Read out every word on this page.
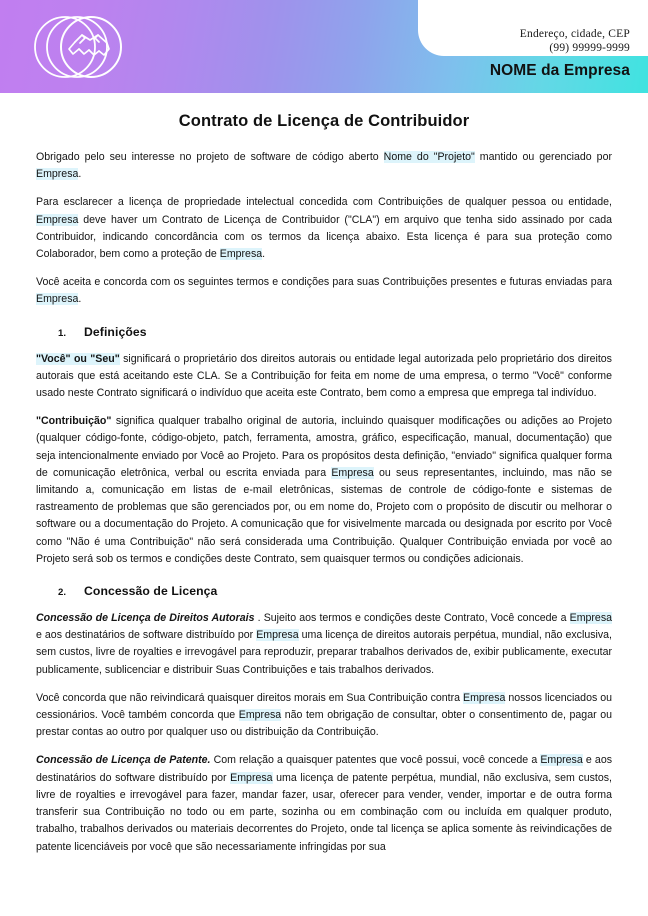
Endereço, cidade, CEP
(99) 99999-9999
NOME da Empresa
Contrato de Licença de Contribuidor

Obrigado pelo seu interesse no projeto de software de código aberto Nome do "Projeto" mantido ou gerenciado por Empresa.

Para esclarecer a licença de propriedade intelectual concedida com Contribuições de qualquer pessoa ou entidade, Empresa deve haver um Contrato de Licença de Contribuidor ("CLA") em arquivo que tenha sido assinado por cada Contribuidor, indicando concordância com os termos da licença abaixo. Esta licença é para sua proteção como Colaborador, bem como a proteção de Empresa.

Você aceita e concorda com os seguintes termos e condições para suas Contribuições presentes e futuras enviadas para Empresa.

1.	Definições

"Você" ou "Seu" significará o proprietário dos direitos autorais ou entidade legal autorizada pelo proprietário dos direitos autorais que está aceitando este CLA. Se a Contribuição for feita em nome de uma empresa, o termo "Você" conforme usado neste Contrato significará o indivíduo que aceita este Contrato, bem como a empresa que emprega tal indivíduo.

"Contribuição" significa qualquer trabalho original de autoria, incluindo quaisquer modificações ou adições ao Projeto (qualquer código-fonte, código-objeto, patch, ferramenta, amostra, gráfico, especificação, manual, documentação) que seja intencionalmente enviado por Você ao Projeto. Para os propósitos desta definição, "enviado" significa qualquer forma de comunicação eletrônica, verbal ou escrita enviada para Empresa ou seus representantes, incluindo, mas não se limitando a, comunicação em listas de e-mail eletrônicas, sistemas de controle de código-fonte e sistemas de rastreamento de problemas que são gerenciados por, ou em nome do, Projeto com o propósito de discutir ou melhorar o software ou a documentação do Projeto. A comunicação que for visivelmente marcada ou designada por escrito por Você como "Não é uma Contribuição" não será considerada uma Contribuição. Qualquer Contribuição enviada por você ao Projeto será sob os termos e condições deste Contrato, sem quaisquer termos ou condições adicionais.

2.	Concessão de Licença

Concessão de Licença de Direitos Autorais . Sujeito aos termos e condições deste Contrato, Você concede a Empresa e aos destinatários de software distribuído por Empresa uma licença de direitos autorais perpétua, mundial, não exclusiva, sem custos, livre de royalties e irrevogável para reproduzir, preparar trabalhos derivados de, exibir publicamente, executar publicamente, sublicenciar e distribuir Suas Contribuições e tais trabalhos derivados.

Você concorda que não reivindicará quaisquer direitos morais em Sua Contribuição contra Empresa nossos licenciados ou cessionários. Você também concorda que Empresa não tem obrigação de consultar, obter o consentimento de, pagar ou prestar contas ao outro por qualquer uso ou distribuição da Contribuição.

Concessão de Licença de Patente. Com relação a quaisquer patentes que você possui, você concede a Empresa e aos destinatários do software distribuído por Empresa uma licença de patente perpétua, mundial, não exclusiva, sem custos, livre de royalties e irrevogável para fazer, mandar fazer, usar, oferecer para vender, vender, importar e de outra forma transferir sua Contribuição no todo ou em parte, sozinha ou em combinação com ou incluída em qualquer produto, trabalho, trabalhos derivados ou materiais decorrentes do Projeto, onde tal licença se aplica somente às reivindicações de patente licenciáveis por você que são necessariamente infringidas por sua
